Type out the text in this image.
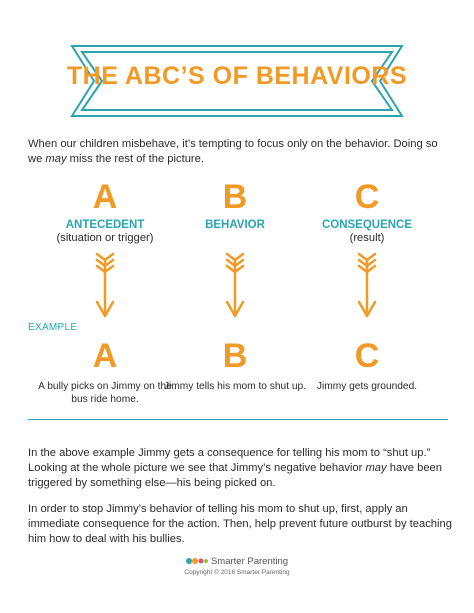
THE ABC’S OF BEHAVIORS
When our children misbehave, it’s tempting to focus only on the behavior. Doing so we may miss the rest of the picture.
A
ANTECEDENT
(situation or trigger)
B
BEHAVIOR
C
CONSEQUENCE
(result)
EXAMPLE
A
A bully picks on Jimmy on the bus ride home.
B
Jimmy tells his mom to shut up.
C
Jimmy gets grounded.
In the above example Jimmy gets a consequence for telling his mom to “shut up.” Looking at the whole picture we see that Jimmy’s negative behavior may have been triggered by something else—his being picked on.
In order to stop Jimmy’s behavior of telling his mom to shut up, first, apply an immediate consequence for the action. Then, help prevent future outburst by teaching him how to deal with his bullies.
Smarter Parenting
Copyright © 2016 Smarter Parenting
